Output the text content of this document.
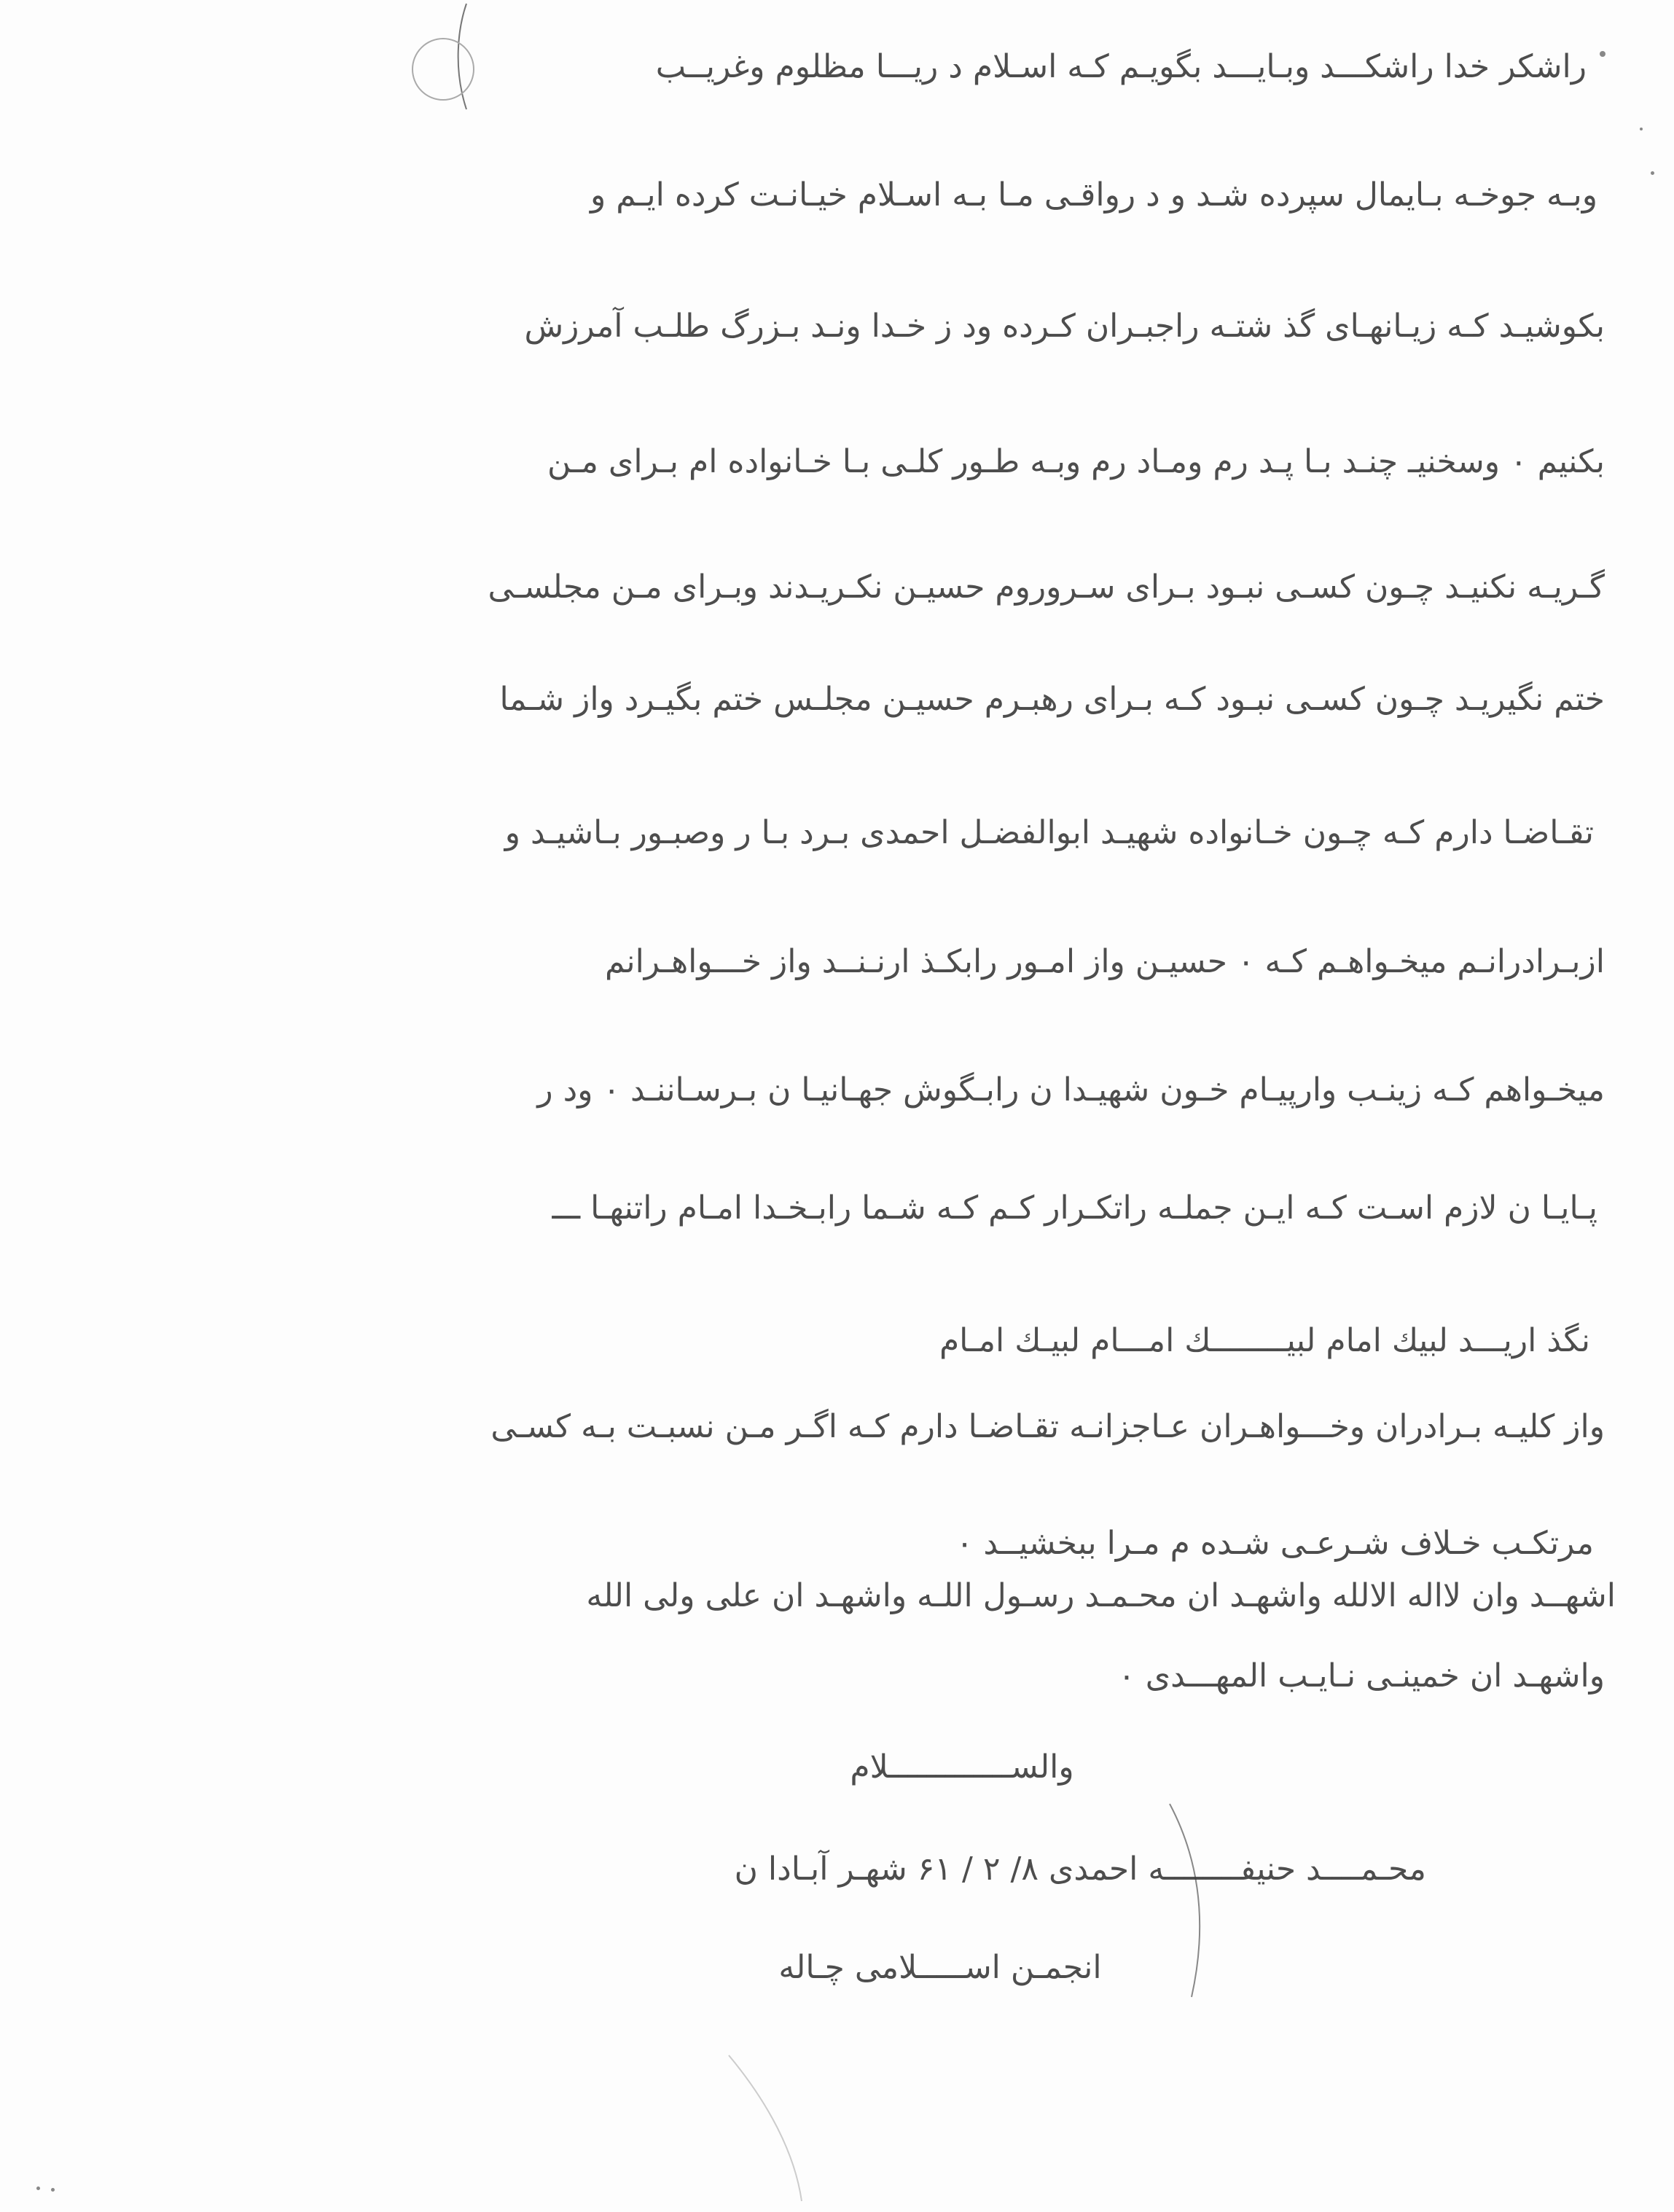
راشکر خدا راشکـــد وبـایـــد بگویـم کـه اسـلام د ریـــا مظلوم وغریــب
وبـه جوخـه بـایمال سپرده شـد و د رواقـی مـا بـه اسـلام خیـانـت کرده ایـم و
بکوشیـد کـه زیـانهـای گذ شتـه راجبـران کـرده ود ز خـدا ونـد بـزرگ طلـب آمرزش
بکنیم ٠ وسخنیـ چنـد بـا پـد رم ومـاد رم وبـه طـور کلـی بـا خـانواده ام بـرای مـن
گـریـه نکنیـد چـون کسـی نبـود بـرای سـروروم حسیـن نکـریـدند وبـرای مـن مجلسـی
ختم نگیریـد چـون کسـی نبـود کـه بـرای رهبـرم حسیـن مجلـس ختم بگیـرد واز شـما
تقـاضـا دارم کـه چـون خـانواده شهیـد ابوالفضـل احمدی بـرد بـا ر وصبـور بـاشیـد و
ازبـرادرانـم میخـواهـم کـه ٠ حسیـن واز امـور رابکـذ ارنـنــد واز خـــواهـرانم
میخـواهم کـه زینـب وارپیـام خـون شهیـدا ن رابـگوش جهـانیـا ن بـرسـاننـد ٠ ود ر
پـایـا ن لازم اسـت کـه ایـن جملـه راتکـرار کـم کـه شـما رابـخـدا امـام راتنهـا ـــ
نگذ اریـــد لبیك امام لبیــــــــك امـــام لبیـك امـام
واز کلیـه بـرادران وخـــواهـران عـاجزانـه تقـاضـا دارم کـه اگـر مـن نسبـت بـه کسـی
مرتکـب خـلاف شـرعـی شـده م مـرا ببخشیــد ٠
اشهــد وان لااله الالله واشهـد ان محـمـد رسـول اللـه واشهـد ان علی ولی الله
واشهـد ان خمینـی نـایـب المهـــدی ٠
والســـــــــــــلام
محـمــــد حنیفــــــــه احمدی ۸/ ۲ / ۶۱ شهـر آبـادا ن
انجمـن اســـــلامی چـاله
